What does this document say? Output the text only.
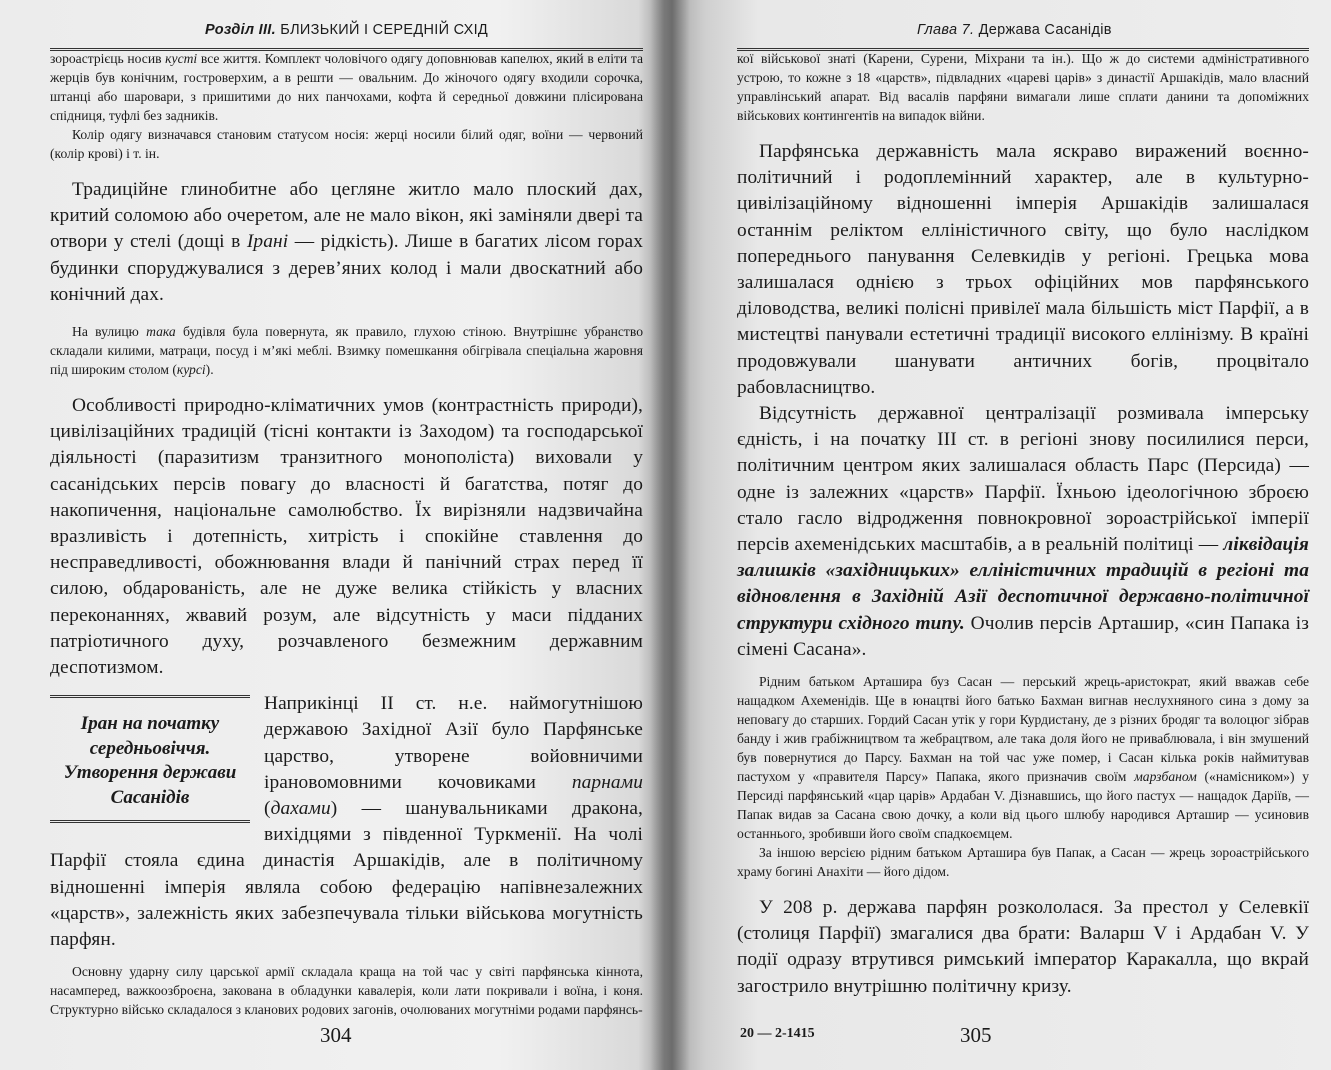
Розділ III. БЛИЗЬКИЙ І СЕРЕДНІЙ СХІД

зороастрієць носив кусті все життя. Комплект чоловічого одягу доповнював капелюх, який в еліти та жерців був конічним, гостроверхим, а в решти — овальним. До жіночого одягу входили сорочка, штанці або шаровари, з пришитими до них панчохами, кофта й середньої довжини плісирована спідниця, туфлі без задників.

Колір одягу визначався становим статусом носія: жерці носили білий одяг, воїни — червоний (колір крові) і т. ін.

Традиційне глинобитне або цегляне житло мало плоский дах, критий соломою або очеретом, але не мало вікон, які заміняли двері та отвори у стелі (дощі в Ірані — рідкість). Лише в багатих лісом горах будинки споруджувалися з дерев’яних колод і мали двоскатний або конічний дах.

На вулицю така будівля була повернута, як правило, глухою стіною. Внутрішнє убранство складали килими, матраци, посуд і м’які меблі. Взимку помешкання обігрівала спеціальна жаровня під широким столом (курсі).

Особливості природно-кліматичних умов (контрастність природи), цивілізаційних традицій (тісні контакти із Заходом) та господарської діяльності (паразитизм транзитного монополіста) виховали у сасанідських персів повагу до власності й багатства, потяг до накопичення, національне самолюбство. Їх вирізняли надзвичайна вразливість і дотепність, хитрість і спокійне ставлення до несправедливості, обожнювання влади й панічний страх перед її силою, обдарованість, але не дуже велика стійкість у власних переконаннях, жвавий розум, але відсутність у маси підданих патріотичного духу, розчавленого безмежним державним деспотизмом.

Іран на початку середньовіччя. Утворення держави Сасанідів

Наприкінці II ст. н.е. наймогутнішою державою Західної Азії було Парфянське царство, утворене войовничими ірановомовними кочовиками парнами (дахами) — шанувальниками дракона, вихідцями з південної Туркменії. На чолі Парфії стояла єдина династія Аршакідів, але в політичному відношенні імперія являла собою федерацію напівнезалежних «царств», залежність яких забезпечувала тільки військова могутність парфян.

Основну ударну силу царської армії складала краща на той час у світі парфянська кіннота, насамперед, важкоозброєна, закована в обладунки кавалерія, коли лати покривали і воїна, і коня. Структурно військо складалося з кланових родових загонів, очолюваних могутніми родами парфянсь-

304
Глава 7. Держава Сасанідів

кої військової знаті (Карени, Сурени, Міхрани та ін.). Що ж до системи адміністративного устрою, то кожне з 18 «царств», підвладних «цареві царів» з династії Аршакідів, мало власний управлінський апарат. Від васалів парфяни вимагали лише сплати данини та допоміжних військових контингентів на випадок війни.

Парфянська державність мала яскраво виражений воєнно-політичний і родоплемінний характер, але в культурно-цивілізаційному відношенні імперія Аршакідів залишалася останнім реліктом елліністичного світу, що було наслідком попереднього панування Селевкидів у регіоні. Грецька мова залишалася однією з трьох офіційних мов парфянського діловодства, великі полісні привілеї мала більшість міст Парфії, а в мистецтві панували естетичні традиції високого еллінізму. В країні продовжували шанувати античних богів, процвітало рабовласництво.

Відсутність державної централізації розмивала імперську єдність, і на початку III ст. в регіоні знову посилилися перси, політичним центром яких залишалася область Парс (Персида) — одне із залежних «царств» Парфії. Їхньою ідеологічною зброєю стало гасло відродження повнокровної зороастрійської імперії персів ахеменідських масштабів, а в реальній політиці — ліквідація залишків «західницьких» елліністичних традицій в регіоні та відновлення в Західній Азії деспотичної державно-політичної структури східного типу. Очолив персів Арташир, «син Папака із сімені Сасана».

Рідним батьком Арташира буз Сасан — перський жрець-аристократ, який вважав себе нащадком Ахеменідів. Ще в юнацтві його батько Бахман вигнав неслухняного сина з дому за неповагу до старших. Гордий Сасан утік у гори Курдистану, де з різних бродяг та волоцюг зібрав банду і жив грабіжництвом та жебрацтвом, але така доля його не приваблювала, і він змушений був повернутися до Парсу. Бахман на той час уже помер, і Сасан кілька років наймитував пастухом у «правителя Парсу» Папака, якого призначив своїм марзбаном («намісником») у Персиді парфянський «цар царів» Ардабан V. Дізнавшись, що його пастух — нащадок Даріїв, — Папак видав за Сасана свою дочку, а коли від цього шлюбу народився Арташир — усиновив останнього, зробивши його своїм спадкоємцем.

За іншою версією рідним батьком Арташира був Папак, а Сасан — жрець зороастрійського храму богині Анахіти — його дідом.

У 208 р. держава парфян розкололася. За престол у Селевкії (столиця Парфії) змагалися два брати: Валарш V і Ардабан V. У події одразу втрутився римський імператор Каракалла, що вкрай загострило внутрішню політичну кризу.

20 — 2-1415	305
